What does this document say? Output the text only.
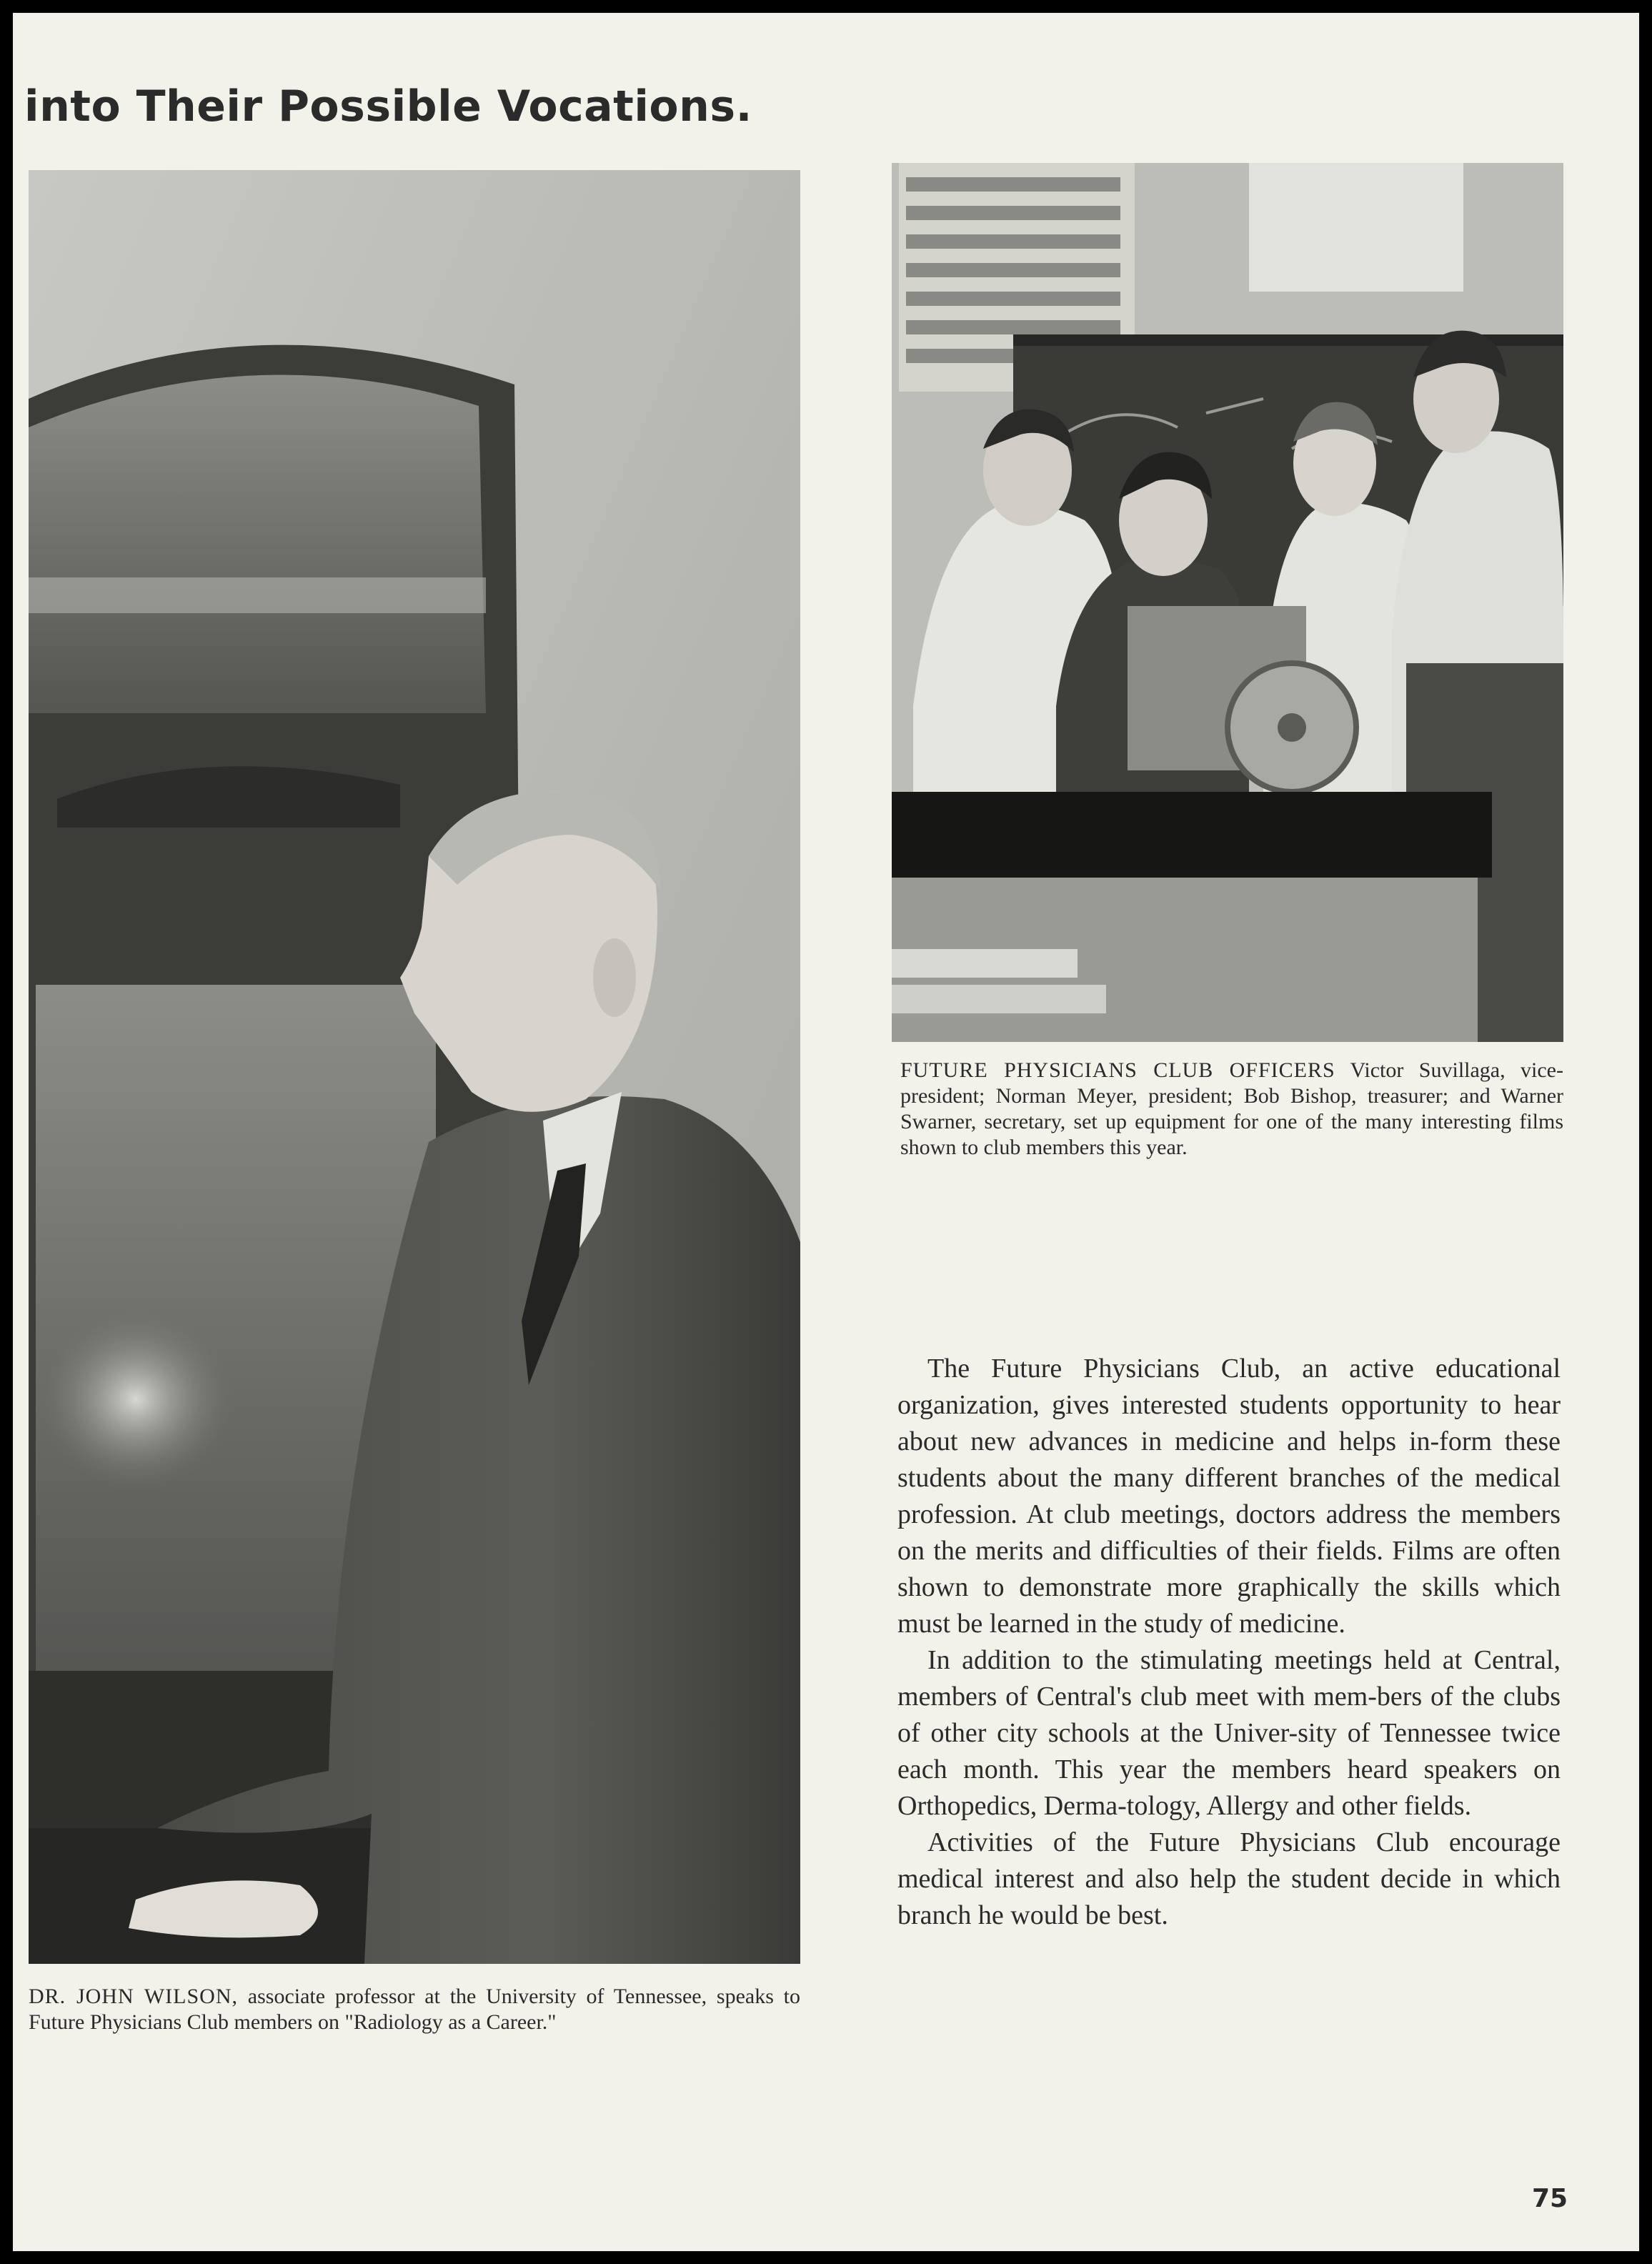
into Their Possible Vocations.

FUTURE PHYSICIANS CLUB OFFICERS Victor Suvillaga, vice-president; Norman Meyer, president; Bob Bishop, treasurer; and Warner Swarner, secretary, set up equipment for one of the many interesting films shown to club members this year.

DR. JOHN WILSON, associate professor at the University of Tennessee, speaks to Future Physicians Club members on "Radiology as a Career."

The Future Physicians Club, an active educational organization, gives interested students opportunity to hear about new advances in medicine and helps in-form these students about the many different branches of the medical profession. At club meetings, doctors address the members on the merits and difficulties of their fields. Films are often shown to demonstrate more graphically the skills which must be learned in the study of medicine.

In addition to the stimulating meetings held at Central, members of Central's club meet with mem-bers of the clubs of other city schools at the Univer-sity of Tennessee twice each month. This year the members heard speakers on Orthopedics, Derma-tology, Allergy and other fields.

Activities of the Future Physicians Club encourage medical interest and also help the student decide in which branch he would be best.

75
